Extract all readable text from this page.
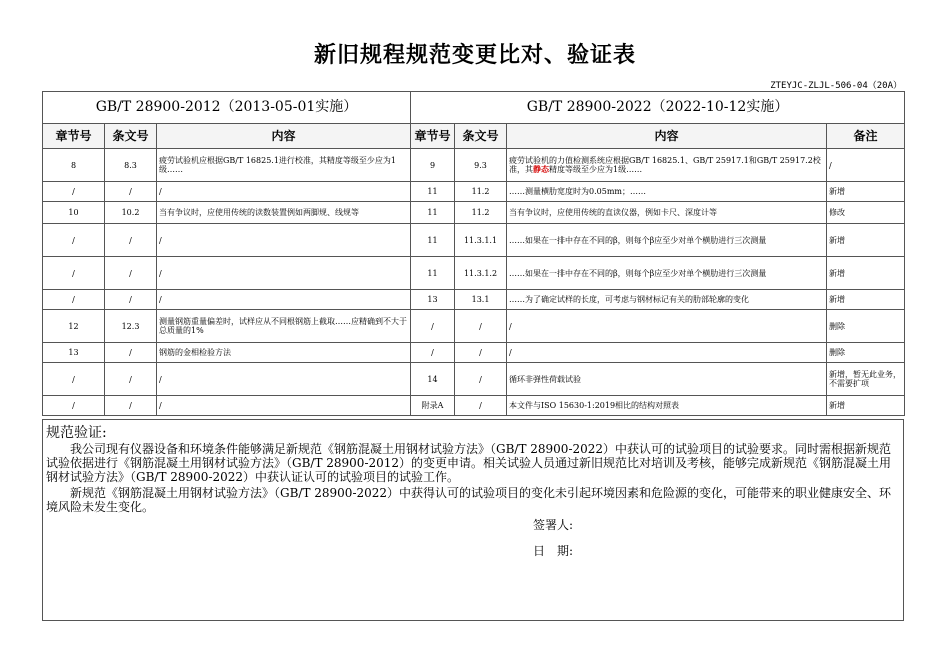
新旧规程规范变更比对、验证表
ZTEYJC-ZLJL-506-04（20A）
GB/T 28900-2012（2013-05-01实施）			GB/T 28900-2022（2022-10-12实施）			
章节号	条文号	内容	章节号	条文号	内容	备注
8	8.3	疲劳试验机应根据GB/T 16825.1进行校准，其精度等级至少应为1级……	9	9.3	疲劳试验机的力值检测系统应根据GB/T 16825.1、GB/T 25917.1和GB/T 25917.2校准，其静态精度等级至少应为1级……	/
/	/	/	11	11.2	……测量横肋宽度时为0.05mm；……	新增
10	10.2	当有争议时，应使用传统的读数装置例如两脚规、线规等	11	11.2	当有争议时，应使用传统的直读仪器，例如卡尺、深度计等	修改
/	/	/	11	11.3.1.1	……如果在一排中存在不同的β，则每个β应至少对单个横肋进行三次测量	新增
/	/	/	11	11.3.1.2	……如果在一排中存在不同的β，则每个β应至少对单个横肋进行三次测量	新增
/	/	/	13	13.1	……为了确定试样的长度，可考虑与钢材标记有关的肋部轮廓的变化	新增
12	12.3	测量钢筋重量偏差时，试样应从不同根钢筋上截取……应精确到不大于总质量的1%	/	/	/	删除
13	/	钢筋的金相检验方法	/	/	/	删除
/	/	/	14	/	循环非弹性荷载试验	新增，暂无此业务，不需要扩项
/	/	/	附录A	/	本文件与ISO 15630-1:2019相比的结构对照表	新增
规范验证:
我公司现有仪器设备和环境条件能够满足新规范《钢筋混凝土用钢材试验方法》（GB/T 28900-2022）中获认可的试验项目的试验要求。同时需根据新规范试验依据进行《钢筋混凝土用钢材试验方法》（GB/T 28900-2012）的变更申请。相关试验人员通过新旧规范比对培训及考核，能够完成新规范《钢筋混凝土用钢材试验方法》（GB/T 28900-2022）中获认证认可的试验项目的试验工作。
新规范《钢筋混凝土用钢材试验方法》（GB/T 28900-2022）中获得认可的试验项目的变化未引起环境因素和危险源的变化，可能带来的职业健康安全、环境风险未发生变化。
签署人:
日　期:
